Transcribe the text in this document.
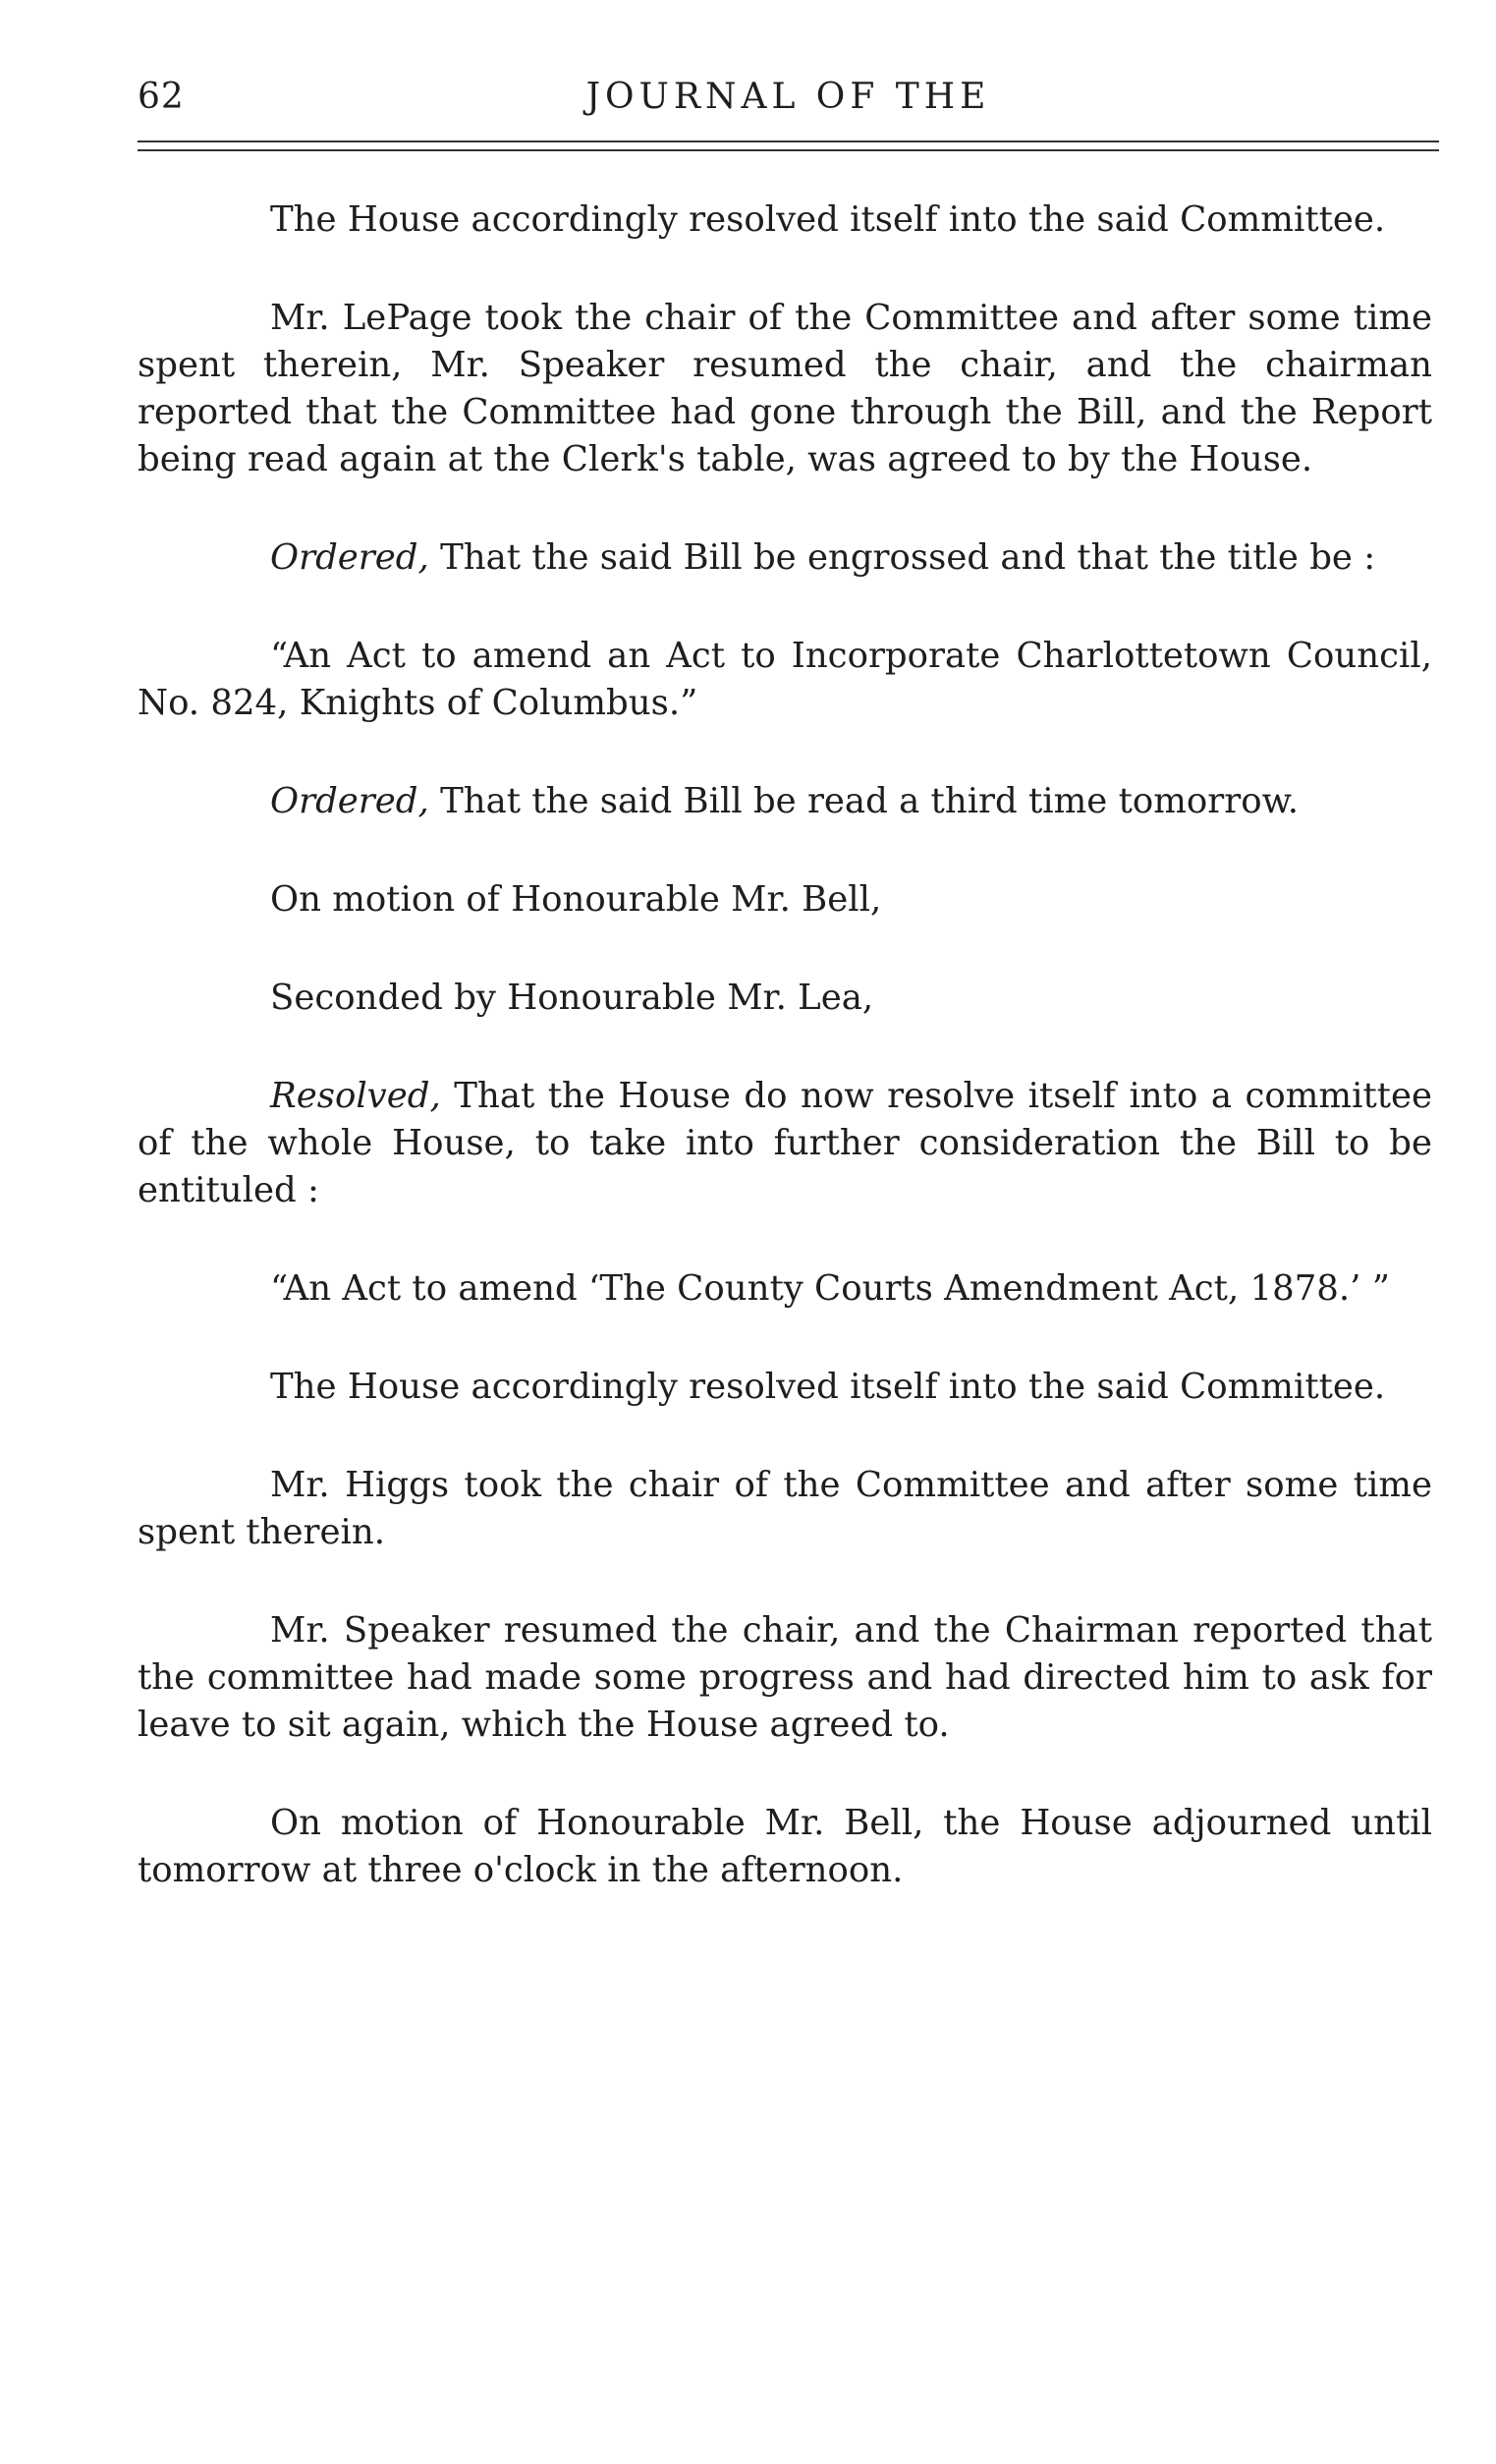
62	JOURNAL OF THE

The House accordingly resolved itself into the said Committee.

Mr. LePage took the chair of the Committee and after some time spent therein, Mr. Speaker resumed the chair, and the chairman reported that the Committee had gone through the Bill, and the Report being read again at the Clerk's table, was agreed to by the House.

Ordered, That the said Bill be engrossed and that the title be :

“An Act to amend an Act to Incorporate Charlottetown Council, No. 824, Knights of Columbus.”

Ordered, That the said Bill be read a third time tomorrow.

On motion of Honourable Mr. Bell,

Seconded by Honourable Mr. Lea,

Resolved, That the House do now resolve itself into a committee of the whole House, to take into further consideration the Bill to be entituled :

“An Act to amend ‘The County Courts Amendment Act, 1878.’ ”

The House accordingly resolved itself into the said Committee.

Mr. Higgs took the chair of the Committee and after some time spent therein.

Mr. Speaker resumed the chair, and the Chairman reported that the committee had made some progress and had directed him to ask for leave to sit again, which the House agreed to.

On motion of Honourable Mr. Bell, the House adjourned until tomorrow at three o'clock in the afternoon.
